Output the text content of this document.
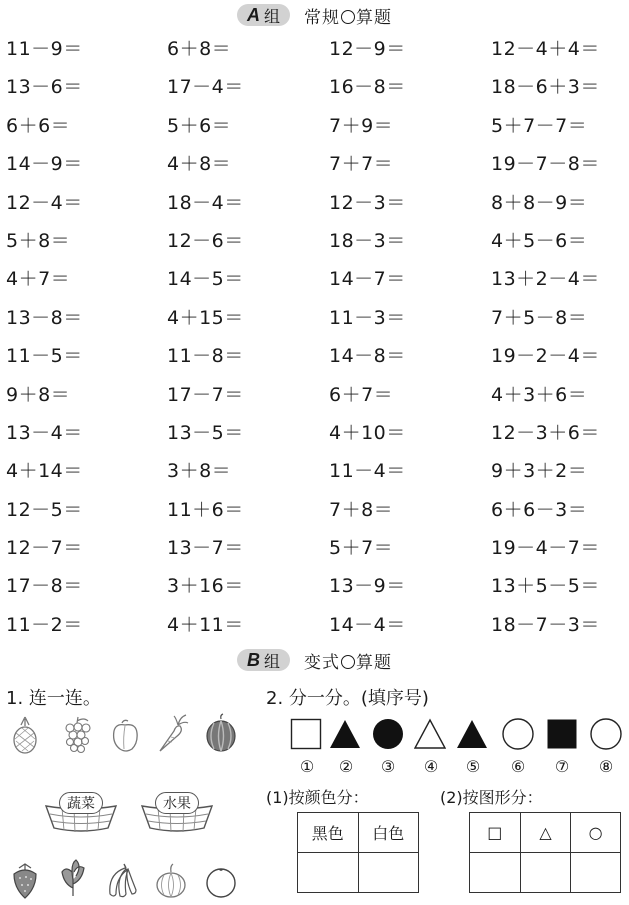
A 组 常规 算题
11－9＝	6＋8＝	12－9＝	12－4＋4＝
13－6＝	17－4＝	16－8＝	18－6＋3＝
6＋6＝	5＋6＝	7＋9＝	5＋7－7＝
14－9＝	4＋8＝	7＋7＝	19－7－8＝
12－4＝	18－4＝	12－3＝	8＋8－9＝
5＋8＝	12－6＝	18－3＝	4＋5－6＝
4＋7＝	14－5＝	14－7＝	13＋2－4＝
13－8＝	4＋15＝	11－3＝	7＋5－8＝
11－5＝	11－8＝	14－8＝	19－2－4＝
9＋8＝	17－7＝	6＋7＝	4＋3＋6＝
13－4＝	13－5＝	4＋10＝	12－3＋6＝
4＋14＝	3＋8＝	11－4＝	9＋3＋2＝
12－5＝	11＋6＝	7＋8＝	6＋6－3＝
12－7＝	13－7＝	5＋7＝	19－4－7＝
17－8＝	3＋16＝	13－9＝	13＋5－5＝
11－2＝	4＋11＝	14－4＝	18－7－3＝
B 组 变式 算题
1. 连一连。
蔬菜	水果
2. 分一分。(填序号)
① ② ③ ④ ⑤ ⑥ ⑦ ⑧
(1)按颜色分：	(2)按图形分：
黑色	白色
		□	△	○
